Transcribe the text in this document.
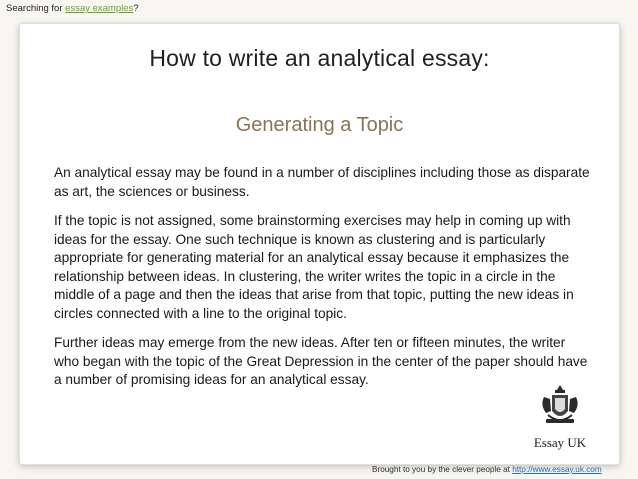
Searching for essay examples?
How to write an analytical essay:
Generating a Topic

An analytical essay may be found in a number of disciplines including those as disparate as art, the sciences or business.

If the topic is not assigned, some brainstorming exercises may help in coming up with ideas for the essay. One such technique is known as clustering and is particularly appropriate for generating material for an analytical essay because it emphasizes the relationship between ideas. In clustering, the writer writes the topic in a circle in the middle of a page and then the ideas that arise from that topic, putting the new ideas in circles connected with a line to the original topic.

Further ideas may emerge from the new ideas. After ten or fifteen minutes, the writer who began with the topic of the Great Depression in the center of the paper should have a number of promising ideas for an analytical essay.

Essay UK
Brought to you by the clever people at http://www.essay.uk.com
